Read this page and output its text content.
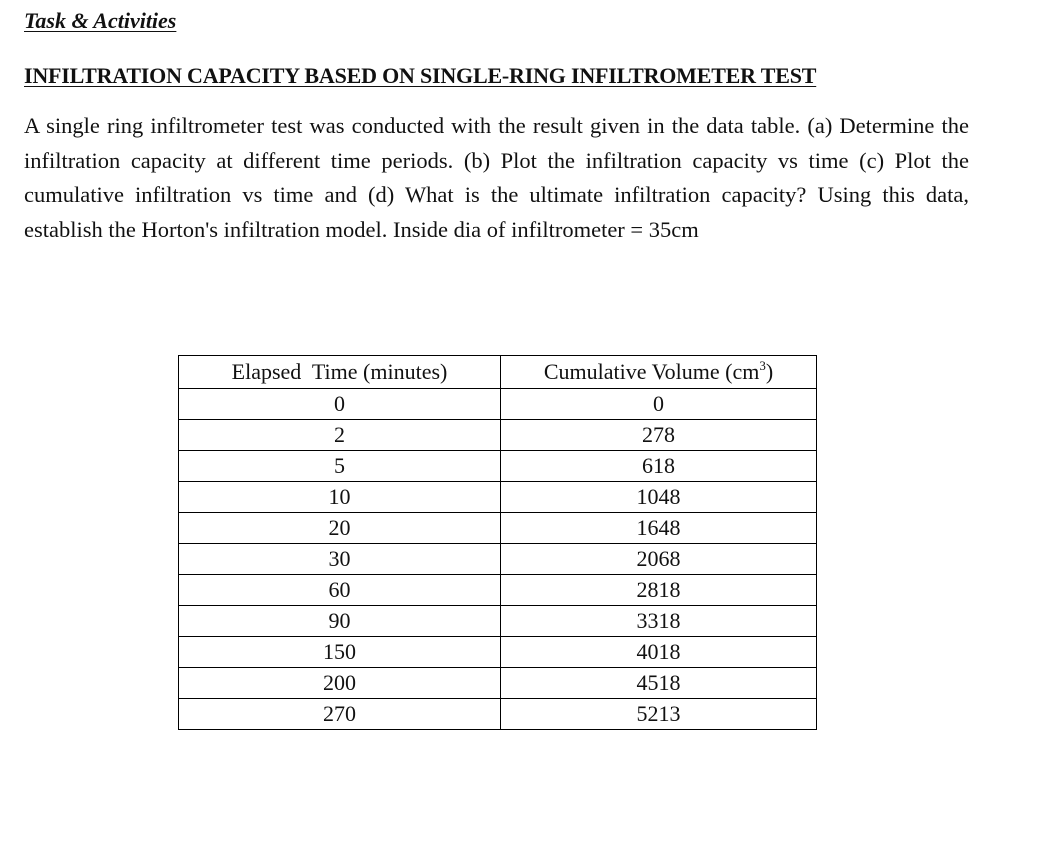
Task & Activities
INFILTRATION CAPACITY BASED ON SINGLE-RING INFILTROMETER TEST

A single ring infiltrometer test was conducted with the result given in the data table. (a) Determine the infiltration capacity at different time periods. (b) Plot the infiltration capacity vs time (c) Plot the cumulative infiltration vs time and (d) What is the ultimate infiltration capacity? Using this data, establish the Horton's infiltration model. Inside dia of infiltrometer = 35cm

Elapsed  Time (minutes)	Cumulative Volume $(cm^3)$
0	0
2	278
5	618
10	1048
20	1648
30	2068
60	2818
90	3318
150	4018
200	4518
270	5213
